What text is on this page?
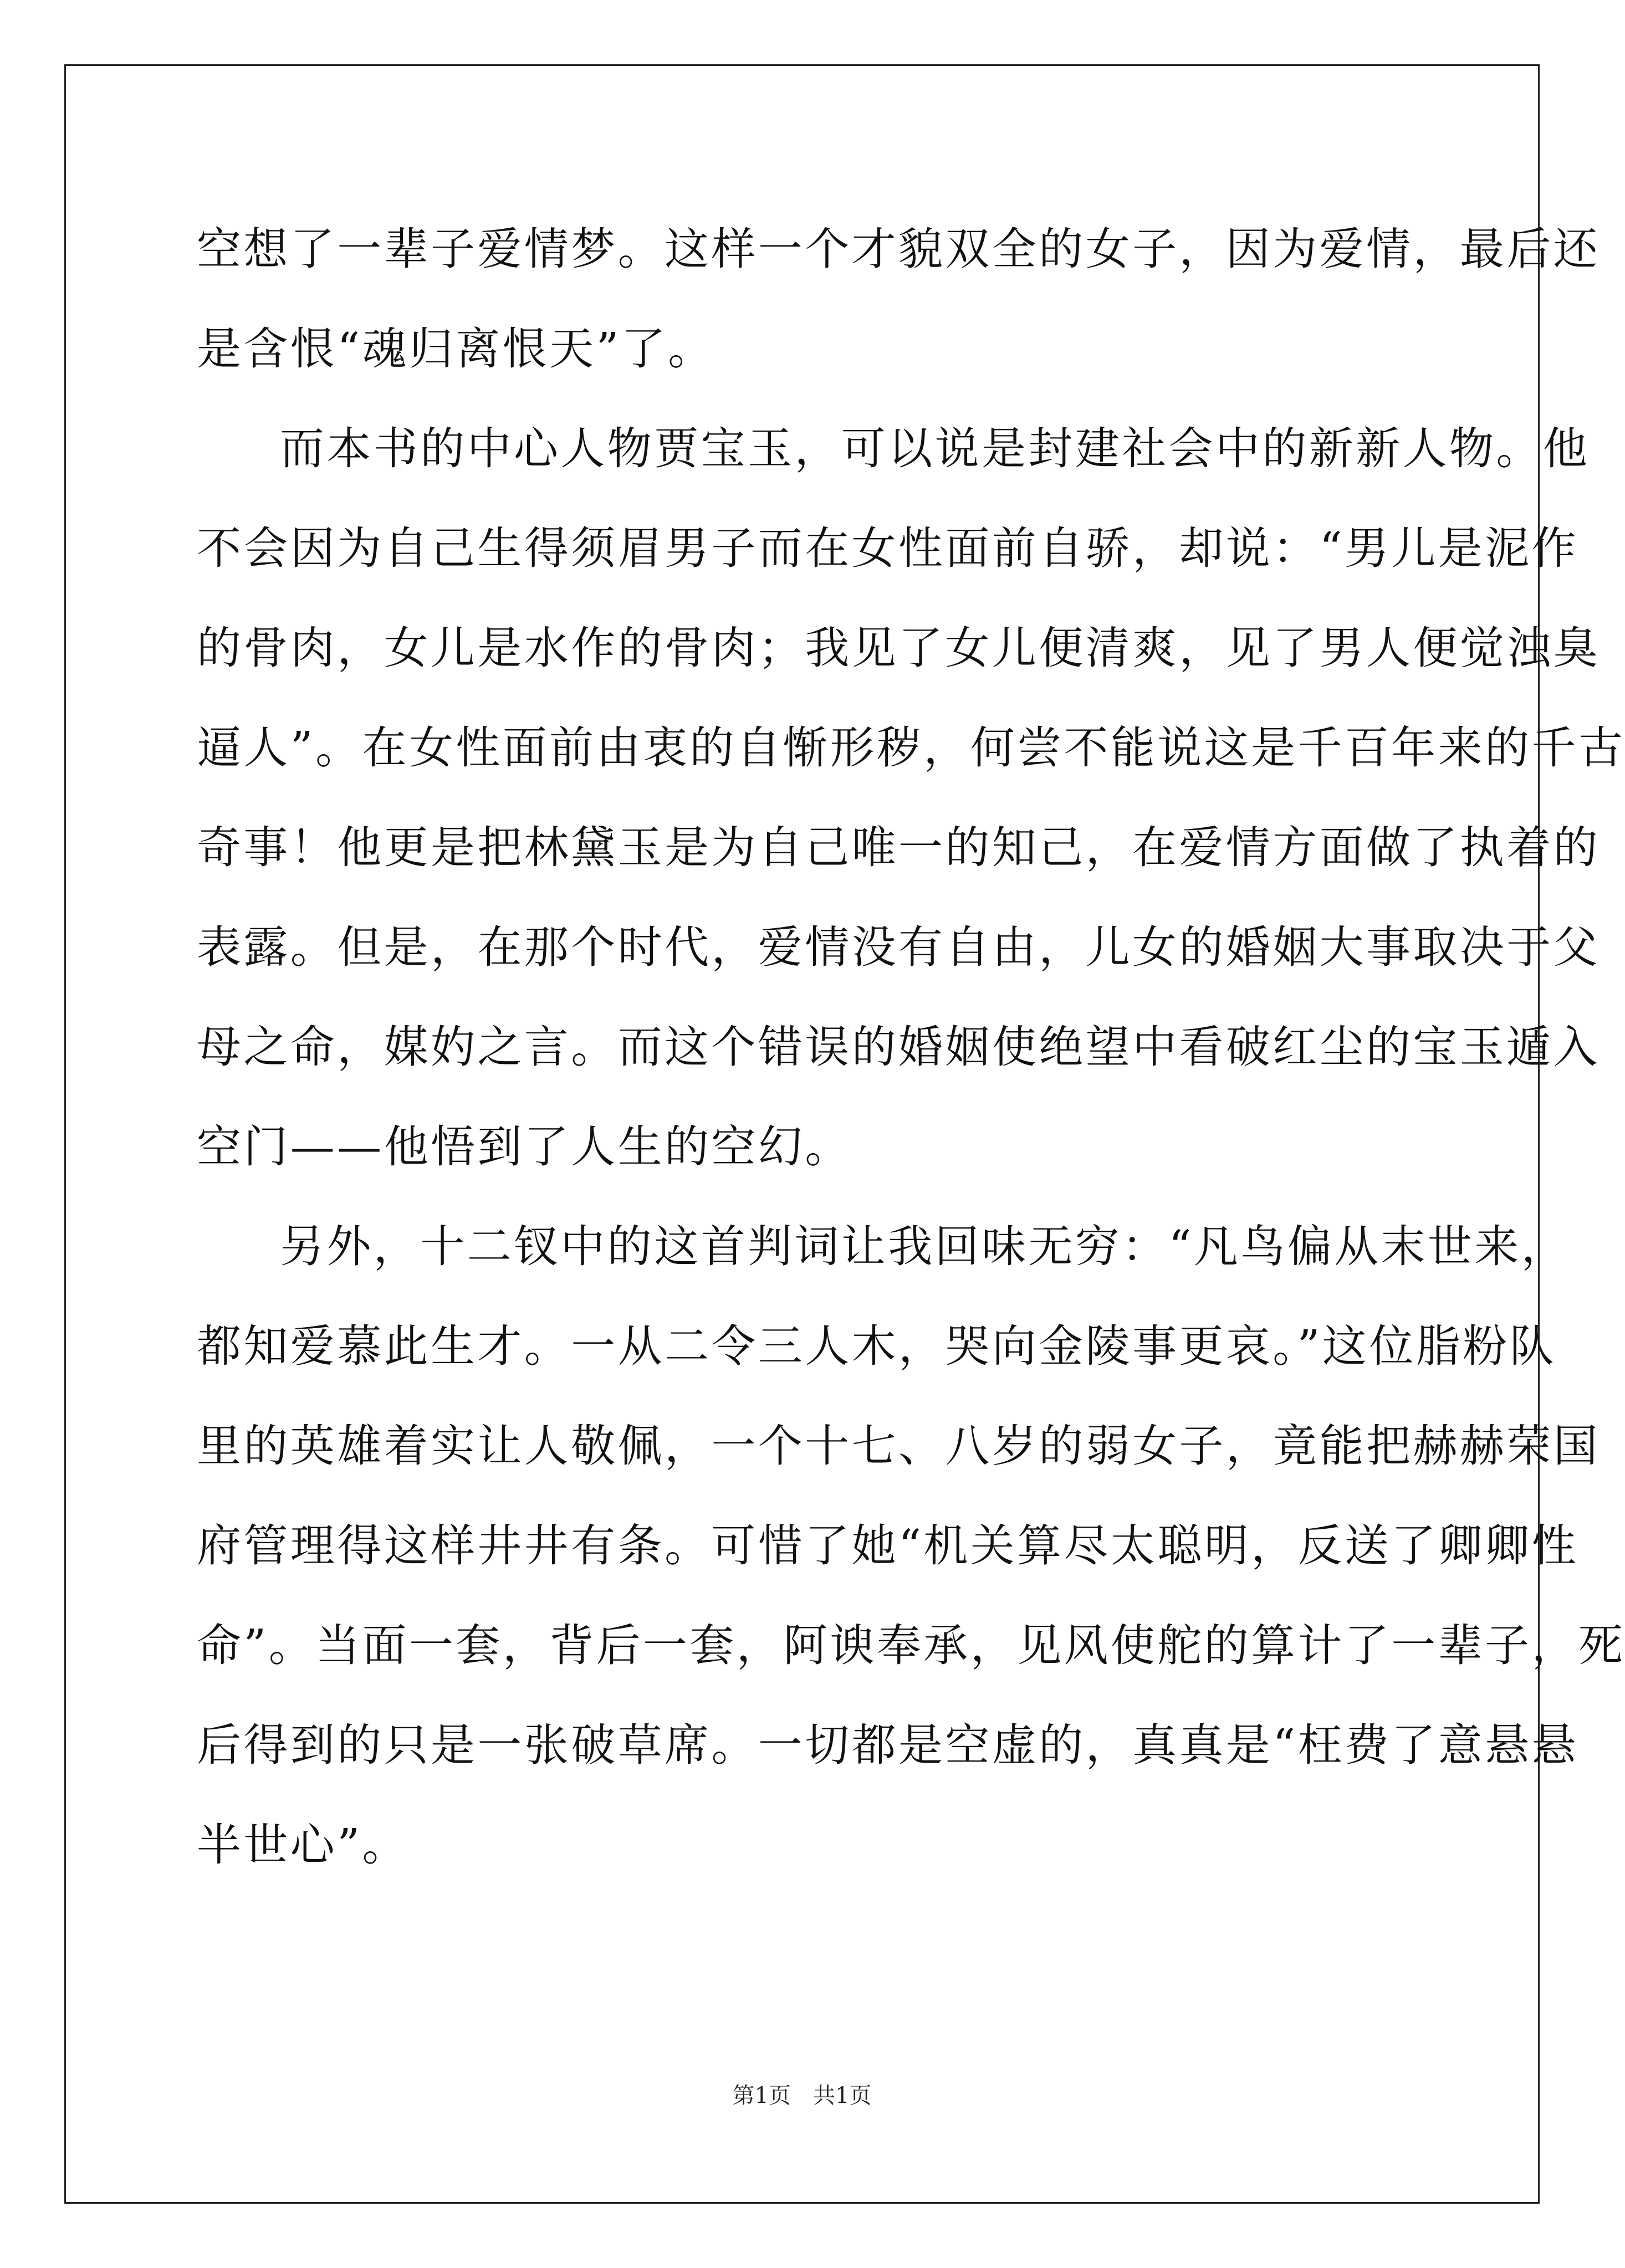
空想了一辈子爱情梦。这样一个才貌双全的女子，因为爱情，最后还
是含恨“魂归离恨天”了。
而本书的中心人物贾宝玉，可以说是封建社会中的新新人物。他
不会因为自己生得须眉男子而在女性面前自骄，却说：“男儿是泥作
的骨肉，女儿是水作的骨肉；我见了女儿便清爽，见了男人便觉浊臭
逼人”。在女性面前由衷的自惭形秽，何尝不能说这是千百年来的千古
奇事！他更是把林黛玉是为自己唯一的知己，在爱情方面做了执着的
表露。但是，在那个时代，爱情没有自由，儿女的婚姻大事取决于父
母之命，媒妁之言。而这个错误的婚姻使绝望中看破红尘的宝玉遁入
空门——他悟到了人生的空幻。
另外，十二钗中的这首判词让我回味无穷：“凡鸟偏从末世来，
都知爱慕此生才。一从二令三人木，哭向金陵事更哀。”这位脂粉队
里的英雄着实让人敬佩，一个十七、八岁的弱女子，竟能把赫赫荣国
府管理得这样井井有条。可惜了她“机关算尽太聪明，反送了卿卿性
命”。当面一套，背后一套，阿谀奉承，见风使舵的算计了一辈子，死
后得到的只是一张破草席。一切都是空虚的，真真是“枉费了意悬悬
半世心”。
第1页　共1页
